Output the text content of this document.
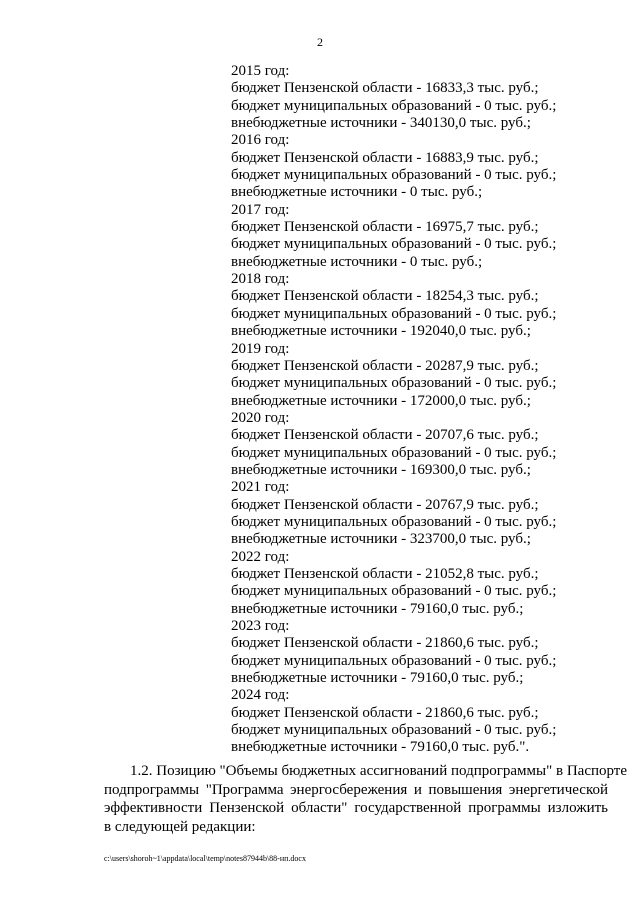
2
2015 год:
бюджет Пензенской области - 16833,3 тыс. руб.;
бюджет муниципальных образований - 0 тыс. руб.;
внебюджетные источники - 340130,0 тыс. руб.;
2016 год:
бюджет Пензенской области - 16883,9 тыс. руб.;
бюджет муниципальных образований - 0 тыс. руб.;
внебюджетные источники - 0 тыс. руб.;
2017 год:
бюджет Пензенской области - 16975,7 тыс. руб.;
бюджет муниципальных образований - 0 тыс. руб.;
внебюджетные источники - 0 тыс. руб.;
2018 год:
бюджет Пензенской области - 18254,3 тыс. руб.;
бюджет муниципальных образований - 0 тыс. руб.;
внебюджетные источники - 192040,0 тыс. руб.;
2019 год:
бюджет Пензенской области - 20287,9 тыс. руб.;
бюджет муниципальных образований - 0 тыс. руб.;
внебюджетные источники - 172000,0 тыс. руб.;
2020 год:
бюджет Пензенской области - 20707,6 тыс. руб.;
бюджет муниципальных образований - 0 тыс. руб.;
внебюджетные источники - 169300,0 тыс. руб.;
2021 год:
бюджет Пензенской области - 20767,9 тыс. руб.;
бюджет муниципальных образований - 0 тыс. руб.;
внебюджетные источники - 323700,0 тыс. руб.;
2022 год:
бюджет Пензенской области - 21052,8 тыс. руб.;
бюджет муниципальных образований - 0 тыс. руб.;
внебюджетные источники - 79160,0 тыс. руб.;
2023 год:
бюджет Пензенской области - 21860,6 тыс. руб.;
бюджет муниципальных образований - 0 тыс. руб.;
внебюджетные источники - 79160,0 тыс. руб.;
2024 год:
бюджет Пензенской области - 21860,6 тыс. руб.;
бюджет муниципальных образований - 0 тыс. руб.;
внебюджетные источники - 79160,0 тыс. руб.".
1.2. Позицию "Объемы бюджетных ассигнований подпрограммы" в Паспорте
подпрограммы "Программа энергосбережения и повышения энергетической
эффективности Пензенской области" государственной программы изложить
в следующей редакции:
c:\users\shoroh~1\appdata\local\temp\notes87944b\88-нп.docx
